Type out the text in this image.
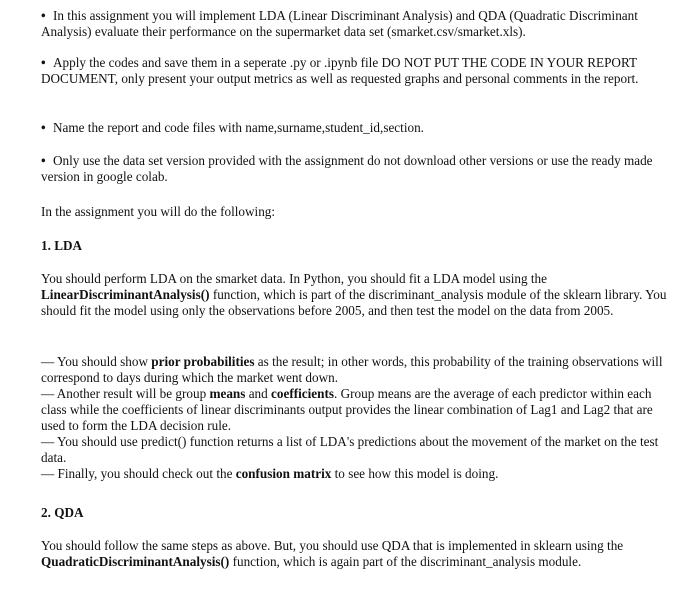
• In this assignment you will implement LDA (Linear Discriminant Analysis) and QDA (Quadratic Discriminant Analysis) evaluate their performance on the supermarket data set (smarket.csv/smarket.xls).

• Apply the codes and save them in a seperate .py or .ipynb file DO NOT PUT THE CODE IN YOUR REPORT DOCUMENT, only present your output metrics as well as requested graphs and personal comments in the report.

• Name the report and code files with name,surname,student_id,section.

• Only use the data set version provided with the assignment do not download other versions or use the ready made version in google colab.

In the assignment you will do the following:

1. LDA

You should perform LDA on the smarket data. In Python, you should fit a LDA model using the LinearDiscriminantAnalysis() function, which is part of the discriminant_analysis module of the sklearn library. You should fit the model using only the observations before 2005, and then test the model on the data from 2005.

— You should show prior probabilities as the result; in other words, this probability of the training observations will correspond to days during which the market went down.

— Another result will be group means and coefficients. Group means are the average of each predictor within each class while the coefficients of linear discriminants output provides the linear combination of Lag1 and Lag2 that are used to form the LDA decision rule.

— You should use predict() function returns a list of LDA's predictions about the movement of the market on the test data.

— Finally, you should check out the confusion matrix to see how this model is doing.

2. QDA

You should follow the same steps as above. But, you should use QDA that is implemented in sklearn using the QuadraticDiscriminantAnalysis() function, which is again part of the discriminant_analysis module.
